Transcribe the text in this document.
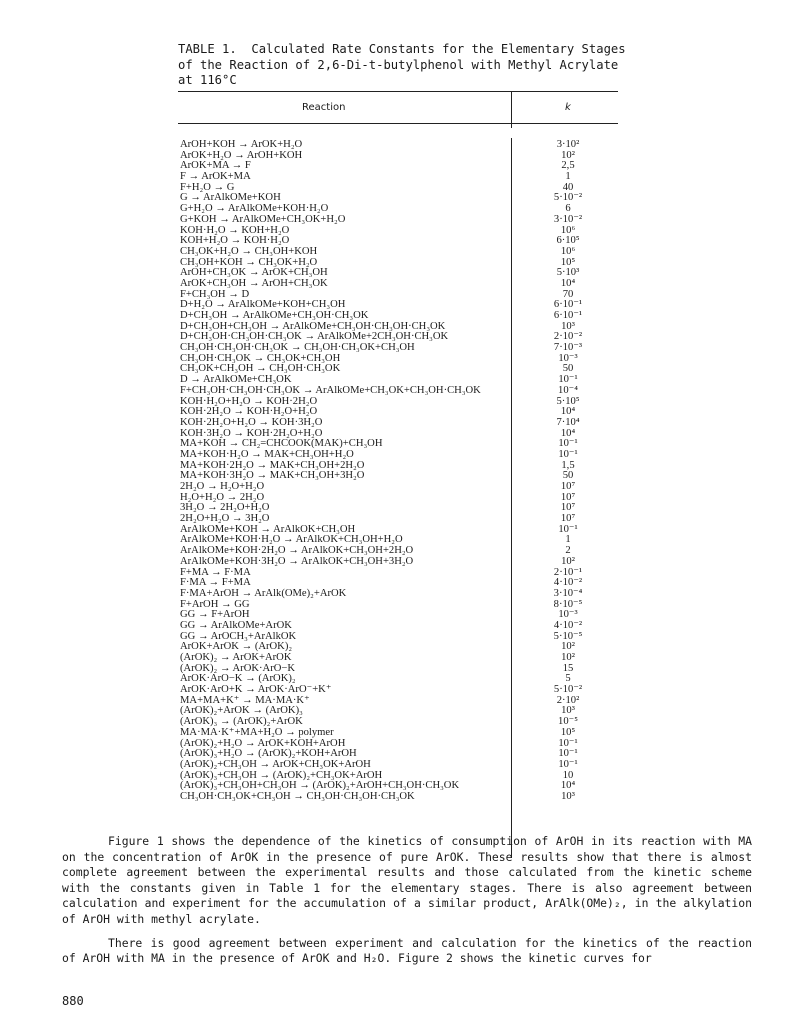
TABLE 1.  Calculated Rate Constants for the Elementary Stages
of the Reaction of 2,6-Di-t-butylphenol with Methyl Acrylate
at 116°C
Reaction	k
ArOH+KOH → ArOK+H₂O
ArOK+H₂O → ArOH+KOH
ArOK+MA → F
F → ArOK+MA
F+H₂O → G
G → ArAlkOMe+KOH
G+H₂O → ArAlkOMe+KOH·H₂O
G+KOH → ArAlkOMe+CH₃OK+H₂O
KOH·H₂O → KOH+H₂O
KOH+H₂O → KOH·H₂O
CH₃OK+H₂O → CH₃OH+KOH
CH₃OH+KOH → CH₃OK+H₂O
ArOH+CH₃OK → ArOK+CH₃OH
ArOK+CH₃OH → ArOH+CH₃OK
F+CH₃OH → D
D+H₂O → ArAlkOMe+KOH+CH₃OH
D+CH₃OH → ArAlkOMe+CH₃OH·CH₃OK
D+CH₃OH+CH₃OH → ArAlkOMe+CH₃OH·CH₃OH·CH₃OK
D+CH₃OH·CH₃OH·CH₃OK → ArAlkOMe+2CH₃OH·CH₃OK
CH₃OH·CH₃OH·CH₃OK → CH₃OH·CH₃OK+CH₃OH
CH₃OH·CH₃OK → CH₃OK+CH₃OH
CH₃OK+CH₃OH → CH₃OH·CH₃OK
D → ArAlkOMe+CH₃OK
F+CH₃OH·CH₃OH·CH₃OK → ArAlkOMe+CH₃OK+CH₃OH·CH₃OK
KOH·H₂O+H₂O → KOH·2H₂O
KOH·2H₂O → KOH·H₂O+H₂O
KOH·2H₂O+H₂O → KOH·3H₂O
KOH·3H₂O → KOH·2H₂O+H₂O
MA+KOH → CH₂=CHCOOK(MAK)+CH₃OH
MA+KOH·H₂O → MAK+CH₃OH+H₂O
MA+KOH·2H₂O → MAK+CH₃OH+2H₂O
MA+KOH·3H₂O → MAK+CH₃OH+3H₂O
2H₂O → H₂O+H₂O
H₂O+H₂O → 2H₂O
3H₂O → 2H₂O+H₂O
2H₂O+H₂O → 3H₂O
ArAlkOMe+KOH → ArAlkOK+CH₃OH
ArAlkOMe+KOH·H₂O → ArAlkOK+CH₃OH+H₂O
ArAlkOMe+KOH·2H₂O → ArAlkOK+CH₃OH+2H₂O
ArAlkOMe+KOH·3H₂O → ArAlkOK+CH₃OH+3H₂O
F+MA → F·MA
F·MA → F+MA
F·MA+ArOH → ArAlk(OMe)₂+ArOK
F+ArOH → GG
GG → F+ArOH
GG → ArAlkOMe+ArOK
GG → ArOCH₃+ArAlkOK
ArOK+ArOK → (ArOK)₂
(ArOK)₂ → ArOK+ArOK
(ArOK)₂ → ArOK·ArO−K
ArOK·ArO−K → (ArOK)₂
ArOK·ArO+K → ArOK·ArO⁻+K⁺
MA+MA+K⁺ → MA·MA·K⁺
(ArOK)₂+ArOK → (ArOK)₃
(ArOK)₃ → (ArOK)₂+ArOK
MA·MA·K⁺+MA+H₂O → polymer
(ArOK)₂+H₂O → ArOK+KOH+ArOH
(ArOK)₃+H₂O → (ArOK)₂+KOH+ArOH
(ArOK)₂+CH₃OH → ArOK+CH₃OK+ArOH
(ArOK)₃+CH₃OH → (ArOK)₂+CH₃OK+ArOH
(ArOK)₃+CH₃OH+CH₃OH → (ArOK)₂+ArOH+CH₃OH·CH₃OK
CH₃OH·CH₃OK+CH₃OH → CH₃OH·CH₃OH·CH₃OK
3·10²
10²
2,5
1
40
5·10⁻²
6
3·10⁻²
10⁶
6·10⁵
10⁶
10⁵
5·10³
10⁴
70
6·10⁻¹
6·10⁻¹
10³
2·10⁻²
7·10⁻³
10⁻³
50
10⁻¹
10⁻⁴
5·10⁵
10⁴
7·10⁴
10⁴
10⁻¹
10⁻¹
1,5
50
10⁷
10⁷
10⁷
10⁷
10⁻¹
1
2
10²
2·10⁻¹
4·10⁻²
3·10⁻⁴
8·10⁻⁵
10⁻³
4·10⁻²
5·10⁻⁵
10²
10²
15
5
5·10⁻²
2·10²
10³
10⁻⁵
10⁵
10⁻¹
10⁻¹
10⁻¹
10
10⁴
10³

Figure 1 shows the dependence of the kinetics of consumption of ArOH in its reaction with MA on the concentration of ArOK in the presence of pure ArOK. These results show that there is almost complete agreement between the experimental results and those calculated from the kinetic scheme with the constants given in Table 1 for the elementary stages. There is also agreement between calculation and experiment for the accumulation of a similar product, ArAlk(OMe)₂, in the alkylation of ArOH with methyl acrylate.

There is good agreement between experiment and calculation for the kinetics of the reaction of ArOH with MA in the presence of ArOK and H₂O. Figure 2 shows the kinetic curves for

880
